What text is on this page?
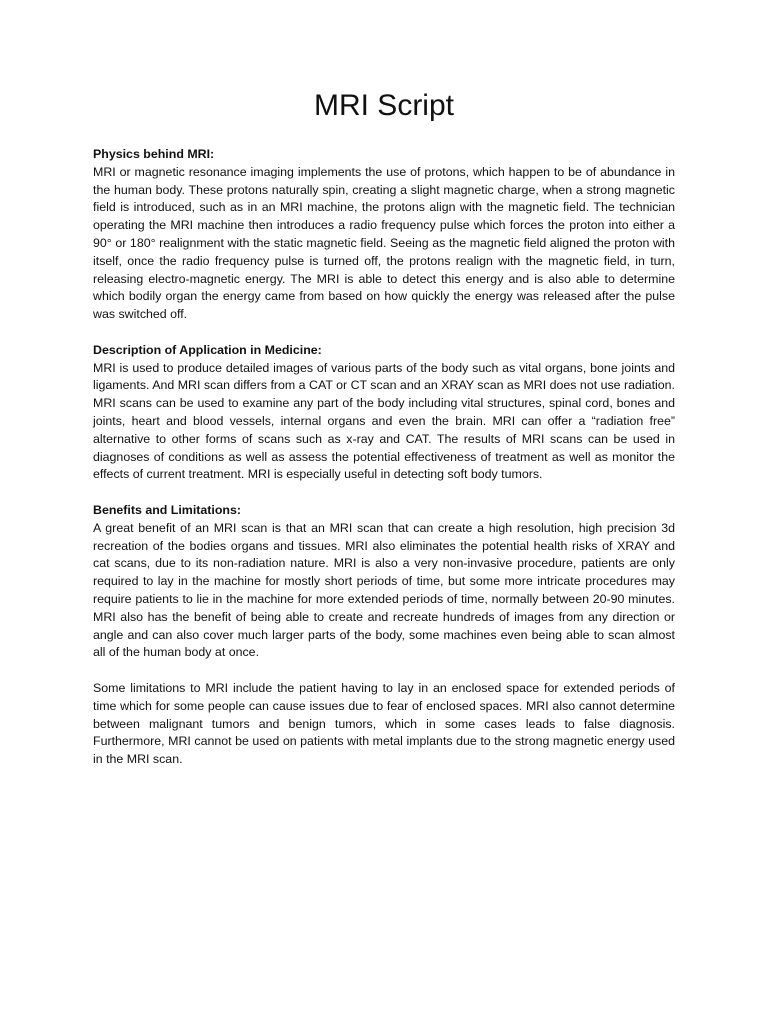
MRI Script

Physics behind MRI:

MRI or magnetic resonance imaging implements the use of protons, which happen to be of abundance in the human body. These protons naturally spin, creating a slight magnetic charge, when a strong magnetic field is introduced, such as in an MRI machine, the protons align with the magnetic field. The technician operating the MRI machine then introduces a radio frequency pulse which forces the proton into either a 90° or 180° realignment with the static magnetic field. Seeing as the magnetic field aligned the proton with itself, once the radio frequency pulse is turned off, the protons realign with the magnetic field, in turn, releasing electro-magnetic energy. The MRI is able to detect this energy and is also able to determine which bodily organ the energy came from based on how quickly the energy was released after the pulse was switched off.

Description of Application in Medicine:

MRI is used to produce detailed images of various parts of the body such as vital organs, bone joints and ligaments. And MRI scan differs from a CAT or CT scan and an XRAY scan as MRI does not use radiation. MRI scans can be used to examine any part of the body including vital structures, spinal cord, bones and joints, heart and blood vessels, internal organs and even the brain. MRI can offer a “radiation free” alternative to other forms of scans such as x-ray and CAT. The results of MRI scans can be used in diagnoses of conditions as well as assess the potential effectiveness of treatment as well as monitor the effects of current treatment. MRI is especially useful in detecting soft body tumors.

Benefits and Limitations:

A great benefit of an MRI scan is that an MRI scan that can create a high resolution, high precision 3d recreation of the bodies organs and tissues. MRI also eliminates the potential health risks of XRAY and cat scans, due to its non-radiation nature. MRI is also a very non-invasive procedure, patients are only required to lay in the machine for mostly short periods of time, but some more intricate procedures may require patients to lie in the machine for more extended periods of time, normally between 20-90 minutes. MRI also has the benefit of being able to create and recreate hundreds of images from any direction or angle and can also cover much larger parts of the body, some machines even being able to scan almost all of the human body at once.

Some limitations to MRI include the patient having to lay in an enclosed space for extended periods of time which for some people can cause issues due to fear of enclosed spaces. MRI also cannot determine between malignant tumors and benign tumors, which in some cases leads to false diagnosis. Furthermore, MRI cannot be used on patients with metal implants due to the strong magnetic energy used in the MRI scan.
